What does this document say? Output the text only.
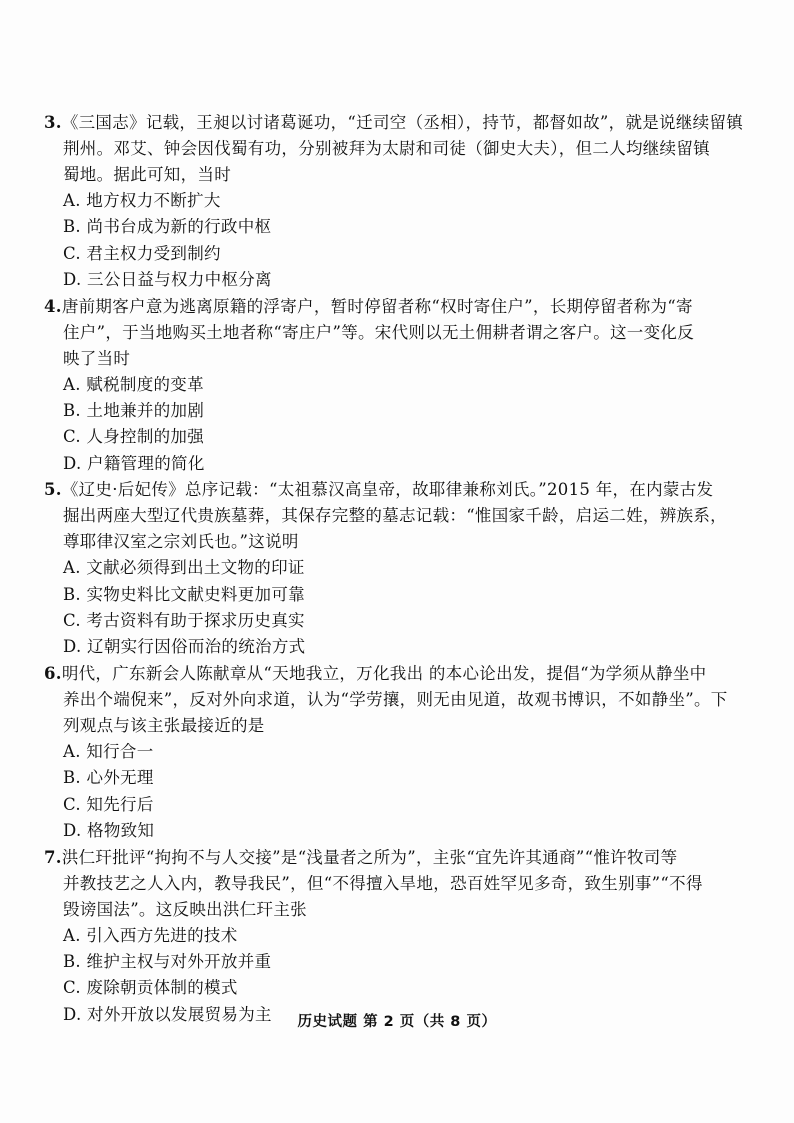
3.《三国志》记载，王昶以讨诸葛诞功，“迁司空（丞相），持节，都督如故”，就是说继续留镇
荆州。邓艾、钟会因伐蜀有功，分别被拜为太尉和司徒（御史大夫），但二人均继续留镇
蜀地。据此可知，当时

A. 地方权力不断扩大
B. 尚书台成为新的行政中枢
C. 君主权力受到制约
D. 三公日益与权力中枢分离

4.唐前期客户意为逃离原籍的浮寄户，暂时停留者称“权时寄住户”，长期停留者称为“寄
住户”，于当地购买土地者称“寄庄户”等。宋代则以无土佣耕者谓之客户。这一变化反
映了当时

A. 赋税制度的变革
B. 土地兼并的加剧
C. 人身控制的加强
D. 户籍管理的简化

5.《辽史·后妃传》总序记载：“太祖慕汉高皇帝，故耶律兼称刘氏。”2015 年，在内蒙古发
掘出两座大型辽代贵族墓葬，其保存完整的墓志记载：“惟国家千龄，启运二姓，辨族系，
尊耶律汉室之宗刘氏也。”这说明

A. 文献必须得到出土文物的印证
B. 实物史料比文献史料更加可靠
C. 考古资料有助于探求历史真实
D. 辽朝实行因俗而治的统治方式

6.明代，广东新会人陈献章从“天地我立，万化我出 的本心论出发，提倡“为学须从静坐中
养出个端倪来”，反对外向求道，认为“学劳攘，则无由见道，故观书博识，不如静坐”。下
列观点与该主张最接近的是

A. 知行合一
B. 心外无理
C. 知先行后
D. 格物致知

7.洪仁玕批评“拘拘不与人交接”是“浅量者之所为”，主张“宜先许其通商”“惟许牧司等
并教技艺之人入内，教导我民”，但“不得擅入旱地，恐百姓罕见多奇，致生别事”“不得
毁谤国法”。这反映出洪仁玕主张

A. 引入西方先进的技术
B. 维护主权与对外开放并重
C. 废除朝贡体制的模式
D. 对外开放以发展贸易为主	历史试题 第 2 页（共 8 页）
